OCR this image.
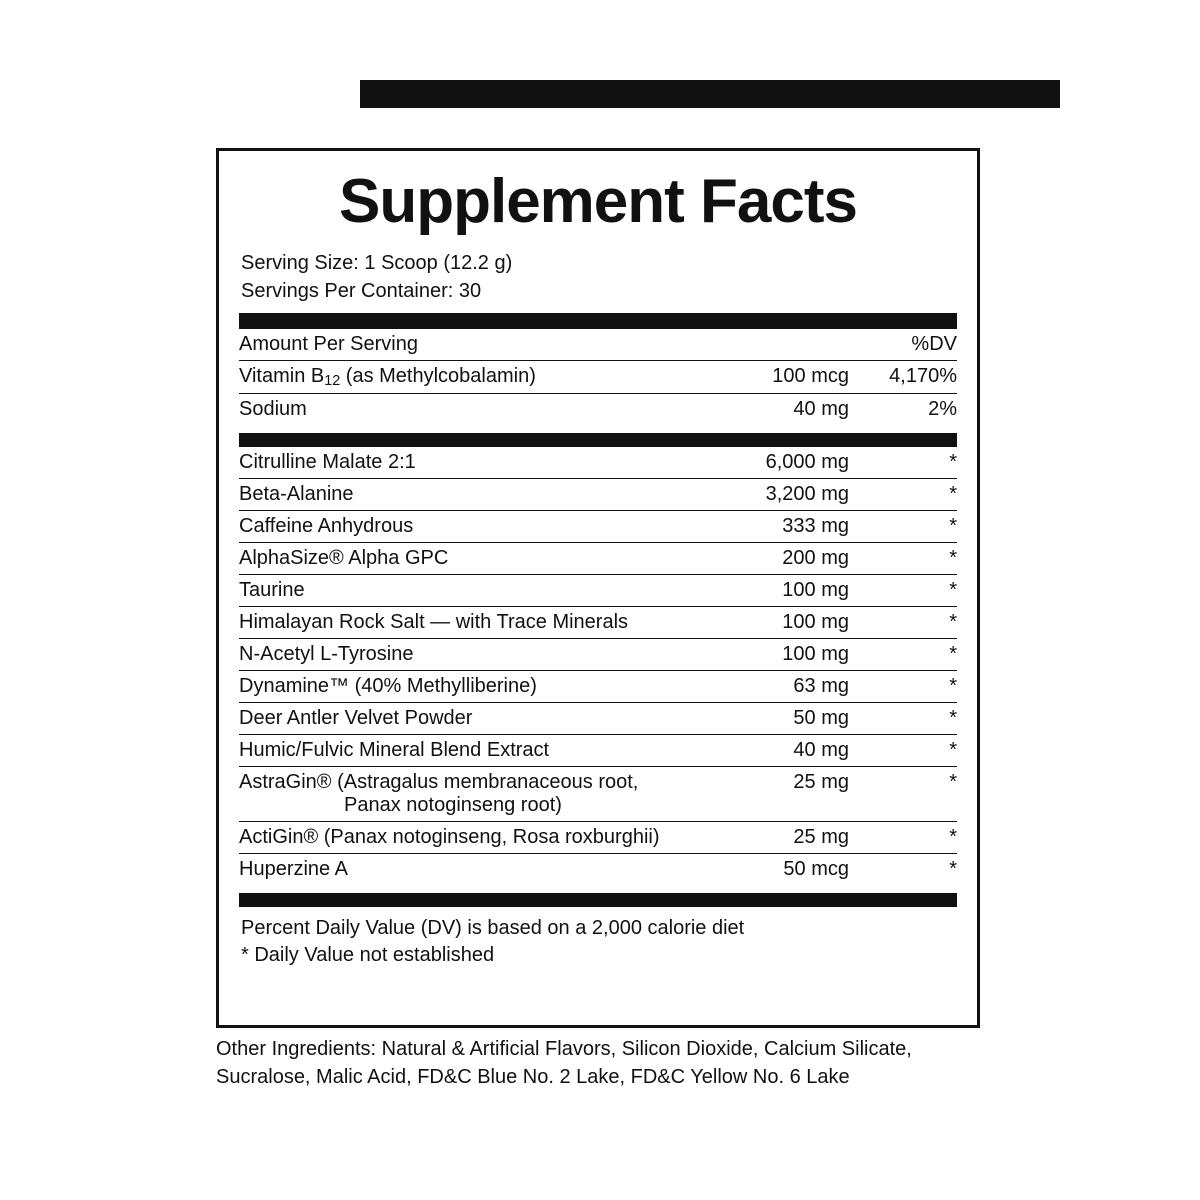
Supplement Facts
Serving Size: 1 Scoop (12.2 g)
Servings Per Container: 30
Amount Per Serving		%DV
Vitamin $B_{12}$ (as Methylcobalamin)	100 mcg	4,170%
Sodium	40 mg	2%
Citrulline Malate 2:1	6,000 mg	*
Beta-Alanine	3,200 mg	*
Caffeine Anhydrous	333 mg	*
AlphaSize® Alpha GPC	200 mg	*
Taurine	100 mg	*
Himalayan Rock Salt — with Trace Minerals	100 mg	*
N-Acetyl L-Tyrosine	100 mg	*
Dynamine™ (40% Methylliberine)	63 mg	*
Deer Antler Velvet Powder	50 mg	*
Humic/Fulvic Mineral Blend Extract	40 mg	*
AstraGin® (Astragalus membranaceous root,
Panax notoginseng root)	25 mg	*
ActiGin® (Panax notoginseng, Rosa roxburghii)	25 mg	*
Huperzine A	50 mcg	*
Percent Daily Value (DV) is based on a 2,000 calorie diet
* Daily Value not established
Other Ingredients: Natural & Artificial Flavors, Silicon Dioxide, Calcium Silicate,
Sucralose, Malic Acid, FD&C Blue No. 2 Lake, FD&C Yellow No. 6 Lake
